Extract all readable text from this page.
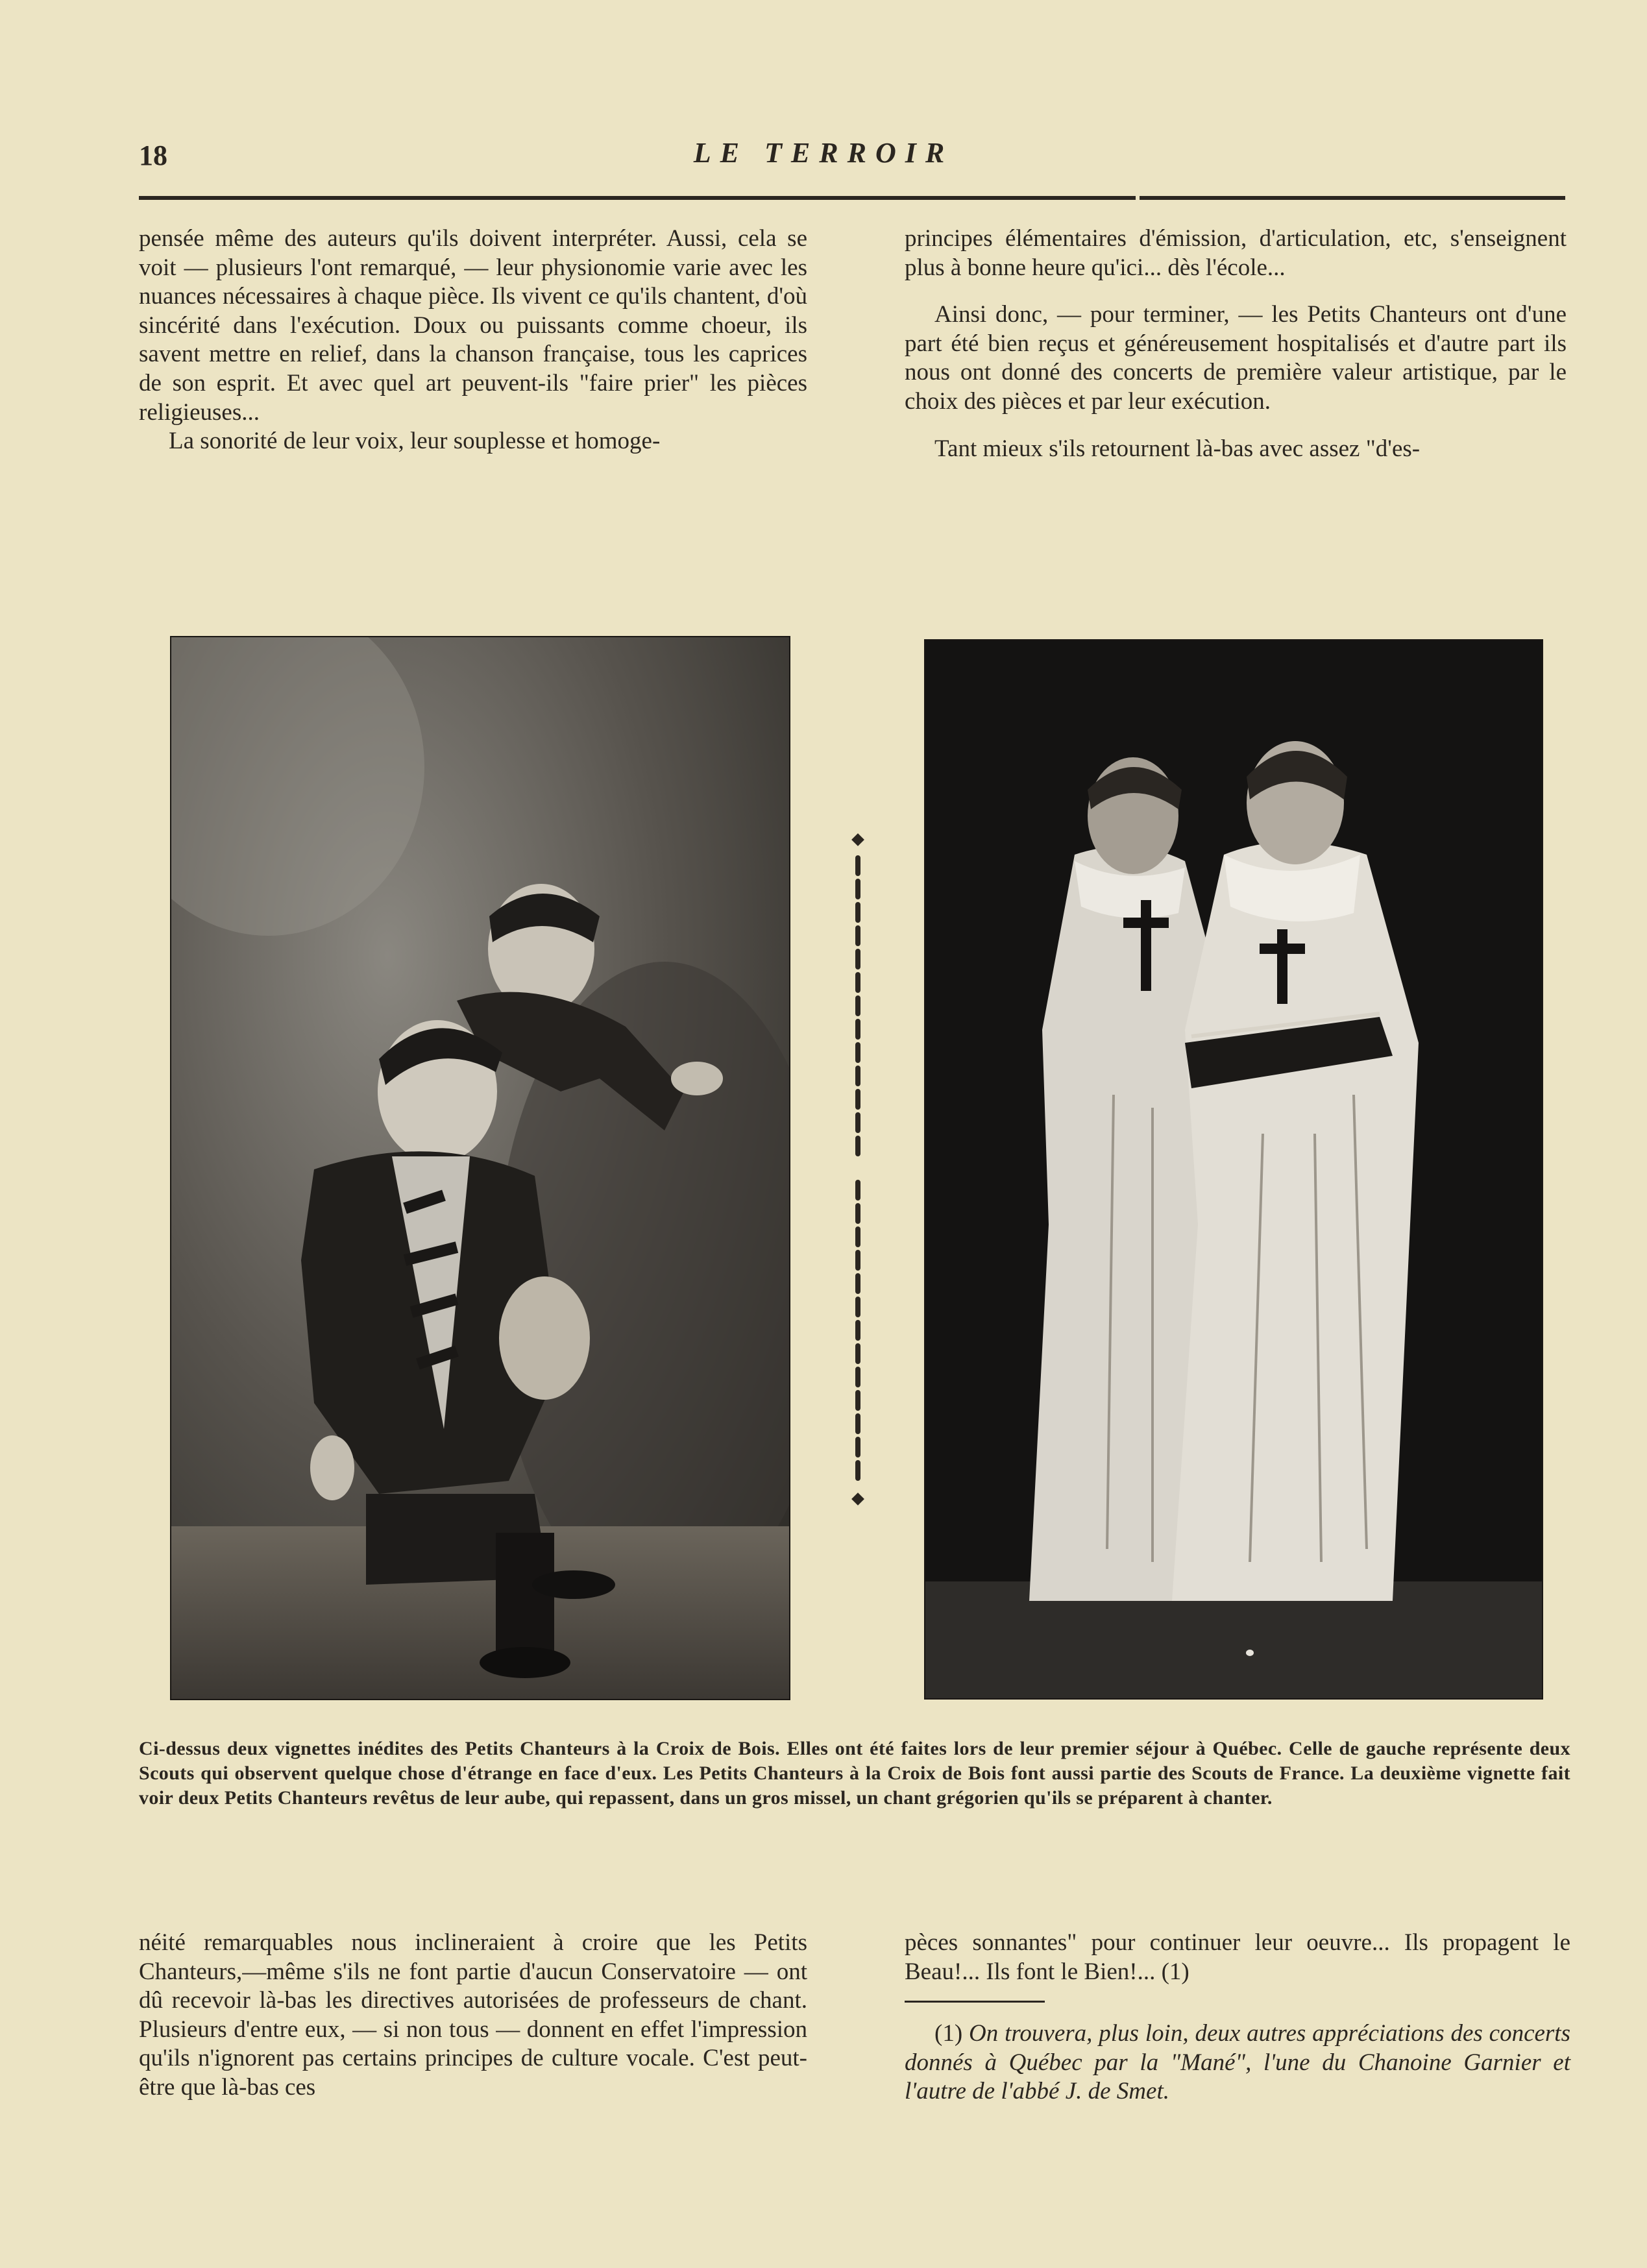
18	LE TERROIR

pensée même des auteurs qu'ils doivent interpréter. Aussi, cela se voit — plusieurs l'ont remarqué, — leur physionomie varie avec les nuances nécessaires à chaque pièce. Ils vivent ce qu'ils chantent, d'où sincérité dans l'exécution. Doux ou puissants comme choeur, ils savent mettre en relief, dans la chanson française, tous les caprices de son esprit. Et avec quel art peuvent-ils "faire prier" les pièces religieuses...

La sonorité de leur voix, leur souplesse et homoge-

principes élémentaires d'émission, d'articulation, etc, s'enseignent plus à bonne heure qu'ici... dès l'école...

Ainsi donc, — pour terminer, — les Petits Chanteurs ont d'une part été bien reçus et généreusement hospitalisés et d'autre part ils nous ont donné des concerts de première valeur artistique, par le choix des pièces et par leur exécution.

Tant mieux s'ils retournent là-bas avec assez "d'es-

Ci-dessus deux vignettes inédites des Petits Chanteurs à la Croix de Bois. Elles ont été faites lors de leur premier séjour à Québec. Celle de gauche représente deux Scouts qui observent quelque chose d'étrange en face d'eux. Les Petits Chanteurs à la Croix de Bois font aussi partie des Scouts de France. La deuxième vignette fait voir deux Petits Chanteurs revêtus de leur aube, qui repassent, dans un gros missel, un chant grégorien qu'ils se préparent à chanter.

néité remarquables nous inclineraient à croire que les Petits Chanteurs,—même s'ils ne font partie d'aucun Conservatoire — ont dû recevoir là-bas les directives autorisées de professeurs de chant. Plusieurs d'entre eux, — si non tous — donnent en effet l'impression qu'ils n'ignorent pas certains principes de culture vocale. C'est peut-être que là-bas ces

pèces sonnantes" pour continuer leur oeuvre... Ils propagent le Beau!... Ils font le Bien!... (1)

(1) On trouvera, plus loin, deux autres appréciations des concerts donnés à Québec par la "Mané", l'une du Chanoine Garnier et l'autre de l'abbé J. de Smet.
